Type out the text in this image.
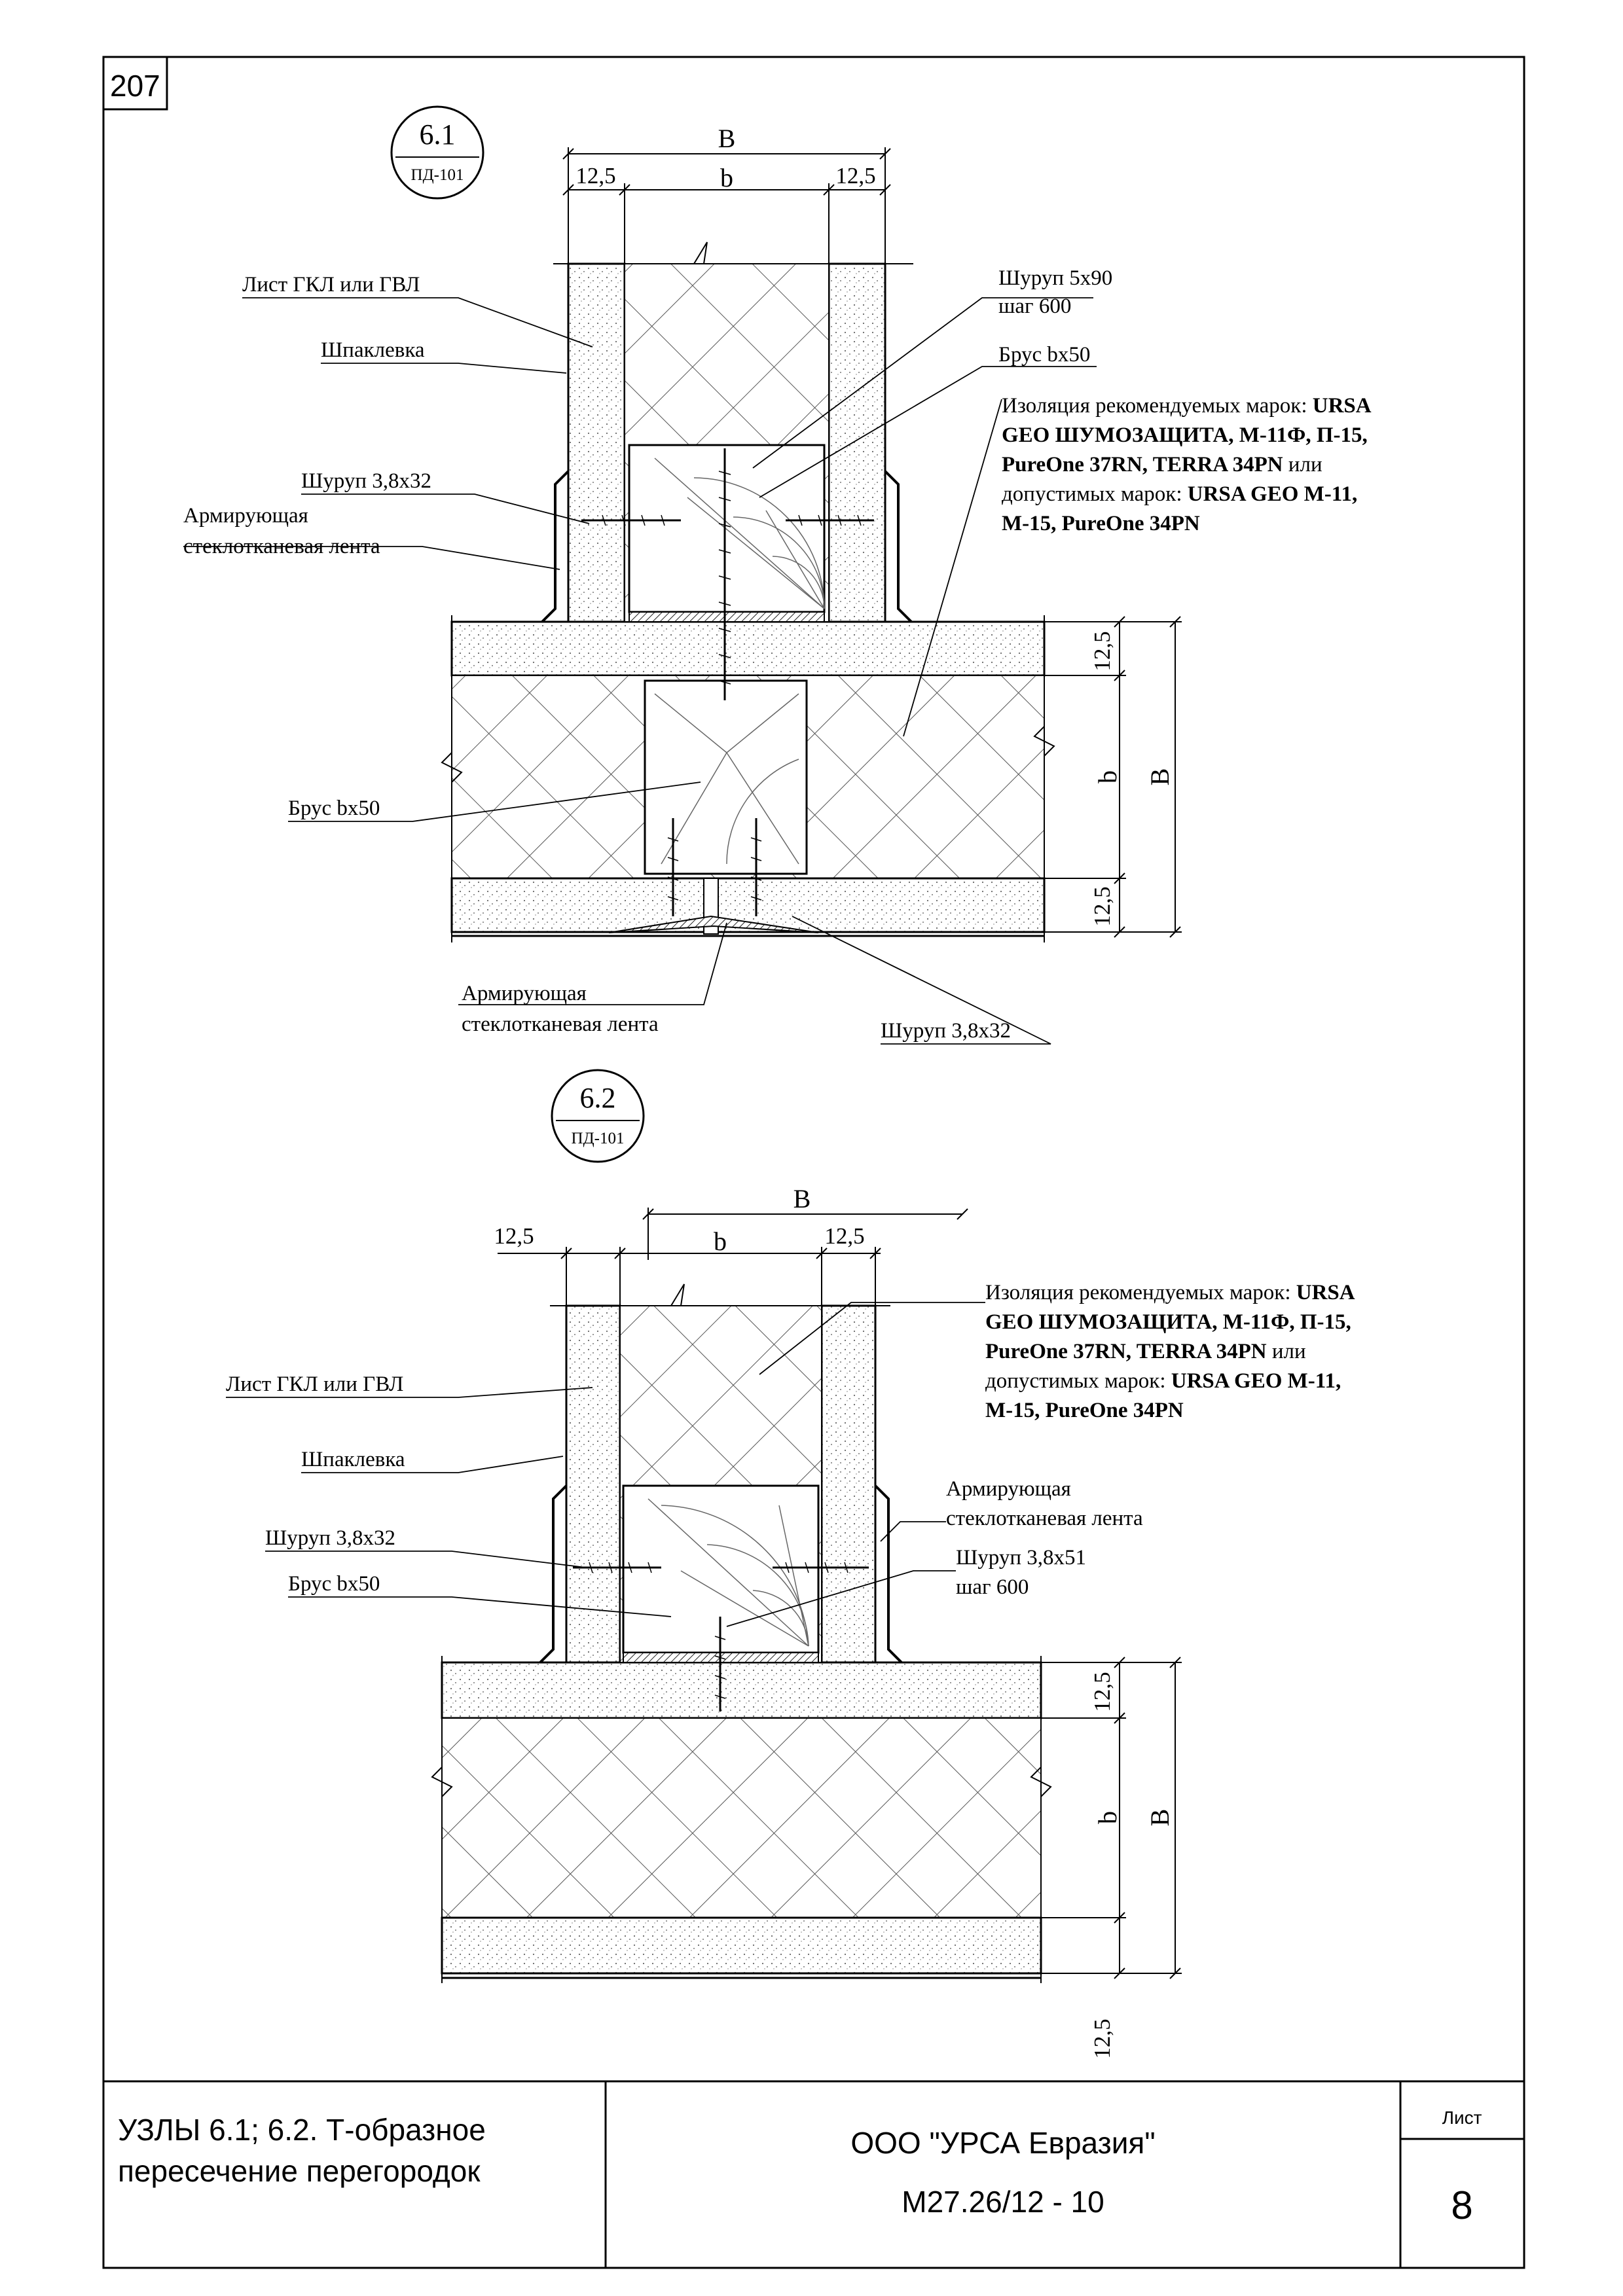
207
УЗЛЫ 6.1; 6.2. Т-образное
пересечение перегородок
ООО "УРСА Евразия"
М27.26/12 - 10
Лист
8
6.1
ПД-101
B
b
12,5	12,5
12,5
b B
12,5
Лист ГКЛ или ГВЛ
Шпаклевка
Шуруп 3,8х32
Армирующая
стеклотканевая лента
Шуруп 5х90
шаг 600
Брус bх50
Брус bх50
Армирующая
стеклотканевая лента	Шуруп 3,8х32
Изоляция рекомендуемых марок: URSA
GEO ШУМОЗАЩИТА, М-11Ф, П-15,
PureOne 37RN, TERRA 34PN или
допустимых марок: URSA GEO М-11,
М-15, PureOne 34PN
6.2
ПД-101
B
b
12,5	12,5
12,5
b B
12,5
Лист ГКЛ или ГВЛ
Шпаклевка
Шуруп 3,8х32
Брус bх50
Армирующая
стеклотканевая лента
Шуруп 3,8х51
шаг 600
Изоляция рекомендуемых марок: URSA
GEO ШУМОЗАЩИТА, М-11Ф, П-15,
PureOne 37RN, TERRA 34PN или
допустимых марок: URSA GEO М-11,
М-15, PureOne 34PN
